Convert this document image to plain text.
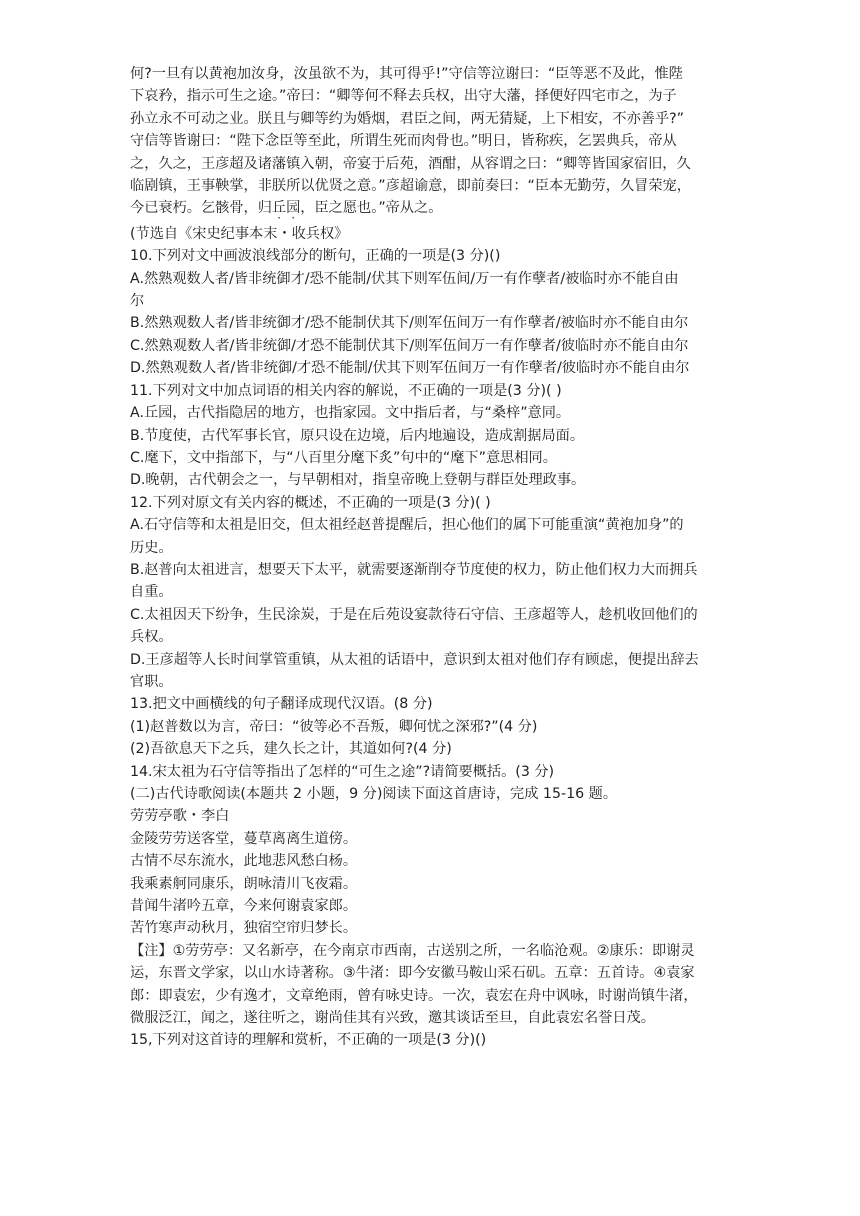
何?一旦有以黄袍加汝身，汝虽欲不为，其可得乎!”守信等泣谢曰：“臣等恶不及此，惟陛
下哀矜，指示可生之途。”帝曰：“卿等何不释去兵权，出守大藩，择便好四宅市之，为子
孙立永不可动之业。朕且与卿等约为婚烟，君臣之间，两无猜疑，上下相安，不亦善乎?”
守信等皆谢曰：“陛下念臣等至此，所谓生死而肉骨也。”明日，皆称疾，乞罢典兵，帝从
之，久之，王彦超及诸藩镇入朝，帝宴于后苑，酒酣，从容谓之曰：“卿等皆国家宿旧，久
临剧镇，王事鞅掌，非朕所以优贤之意。”彦超谕意，即前奏曰：“臣本无勤劳，久冒荣宠，
今已衰朽。乞骸骨，归丘园，臣之愿也。”帝从之。
(节选自《宋史纪事本末・收兵权》
10.下列对文中画波浪线部分的断句，正确的一项是(3 分)()
A.然熟观数人者/皆非统御才/恐不能制/伏其下则军伍间/万一有作孽者/被临时亦不能自由
尔
B.然熟观数人者/皆非统御才/恐不能制伏其下/则军伍间万一有作孽者/被临时亦不能自由尔
C.然熟观数人者/皆非统御/才恐不能制伏其下/则军伍间万一有作孽者/彼临时亦不能自由尔
D.然熟观数人者/皆非统御/才恐不能制/伏其下则军伍间万一有作孽者/彼临时亦不能自由尔
11.下列对文中加点词语的相关内容的解说，不正确的一项是(3 分)( )
A.丘园，古代指隐居的地方，也指家园。文中指后者，与“桑梓”意同。
B.节度使，古代军事长官，原只设在边境，后内地遍设，造成割据局面。
C.麾下，文中指部下，与“八百里分麾下炙”句中的“麾下”意思相同。
D.晚朝，古代朝会之一，与早朝相对，指皇帝晚上登朝与群臣处理政事。
12.下列对原文有关内容的概述，不正确的一项是(3 分)( )
A.石守信等和太祖是旧交，但太祖经赵普提醒后，担心他们的属下可能重演“黄袍加身”的
历史。
B.赵普向太祖进言，想要天下太平，就需要逐渐削夺节度使的权力，防止他们权力大而拥兵
自重。
C.太祖因天下纷争，生民涂炭，于是在后苑设宴款待石守信、王彦超等人，趁机收回他们的
兵权。
D.王彦超等人长时间掌管重镇，从太祖的话语中，意识到太祖对他们存有顾虑，便提出辞去
官职。
13.把文中画横线的句子翻译成现代汉语。(8 分)
(1)赵普数以为言，帝曰：“彼等必不吾叛，卿何忧之深邪?”(4 分)
(2)吾欲息天下之兵，建久长之计，其道如何?(4 分)
14.宋太祖为石守信等指出了怎样的“可生之途”?请简要概括。(3 分)
(二)古代诗歌阅读(本题共 2 小题，9 分)阅读下面这首唐诗，完成 15-16 题。
劳劳亭歌・李白
金陵劳劳送客堂，蔓草离离生道傍。
古情不尽东流水，此地悲风愁白杨。
我乘素舸同康乐，朗咏清川飞夜霜。
昔闻牛渚吟五章，今来何谢袁家郎。
苦竹寒声动秋月，独宿空帘归梦长。
【注】①劳劳亭：又名新亭，在今南京市西南，古送别之所，一名临沧观。②康乐：即谢灵
运，东晋文学家，以山水诗著称。③牛渚：即今安徽马鞍山采石矶。五章：五首诗。④袁家
郎：即袁宏，少有逸才，文章绝雨，曾有咏史诗。一次，袁宏在舟中讽咏，时谢尚镇牛渚，
微服泛江，闻之，遂往听之，谢尚佳其有兴致，邀其谈话至旦，自此袁宏名誉日茂。
15,下列对这首诗的理解和赏析，不正确的一项是(3 分)()
